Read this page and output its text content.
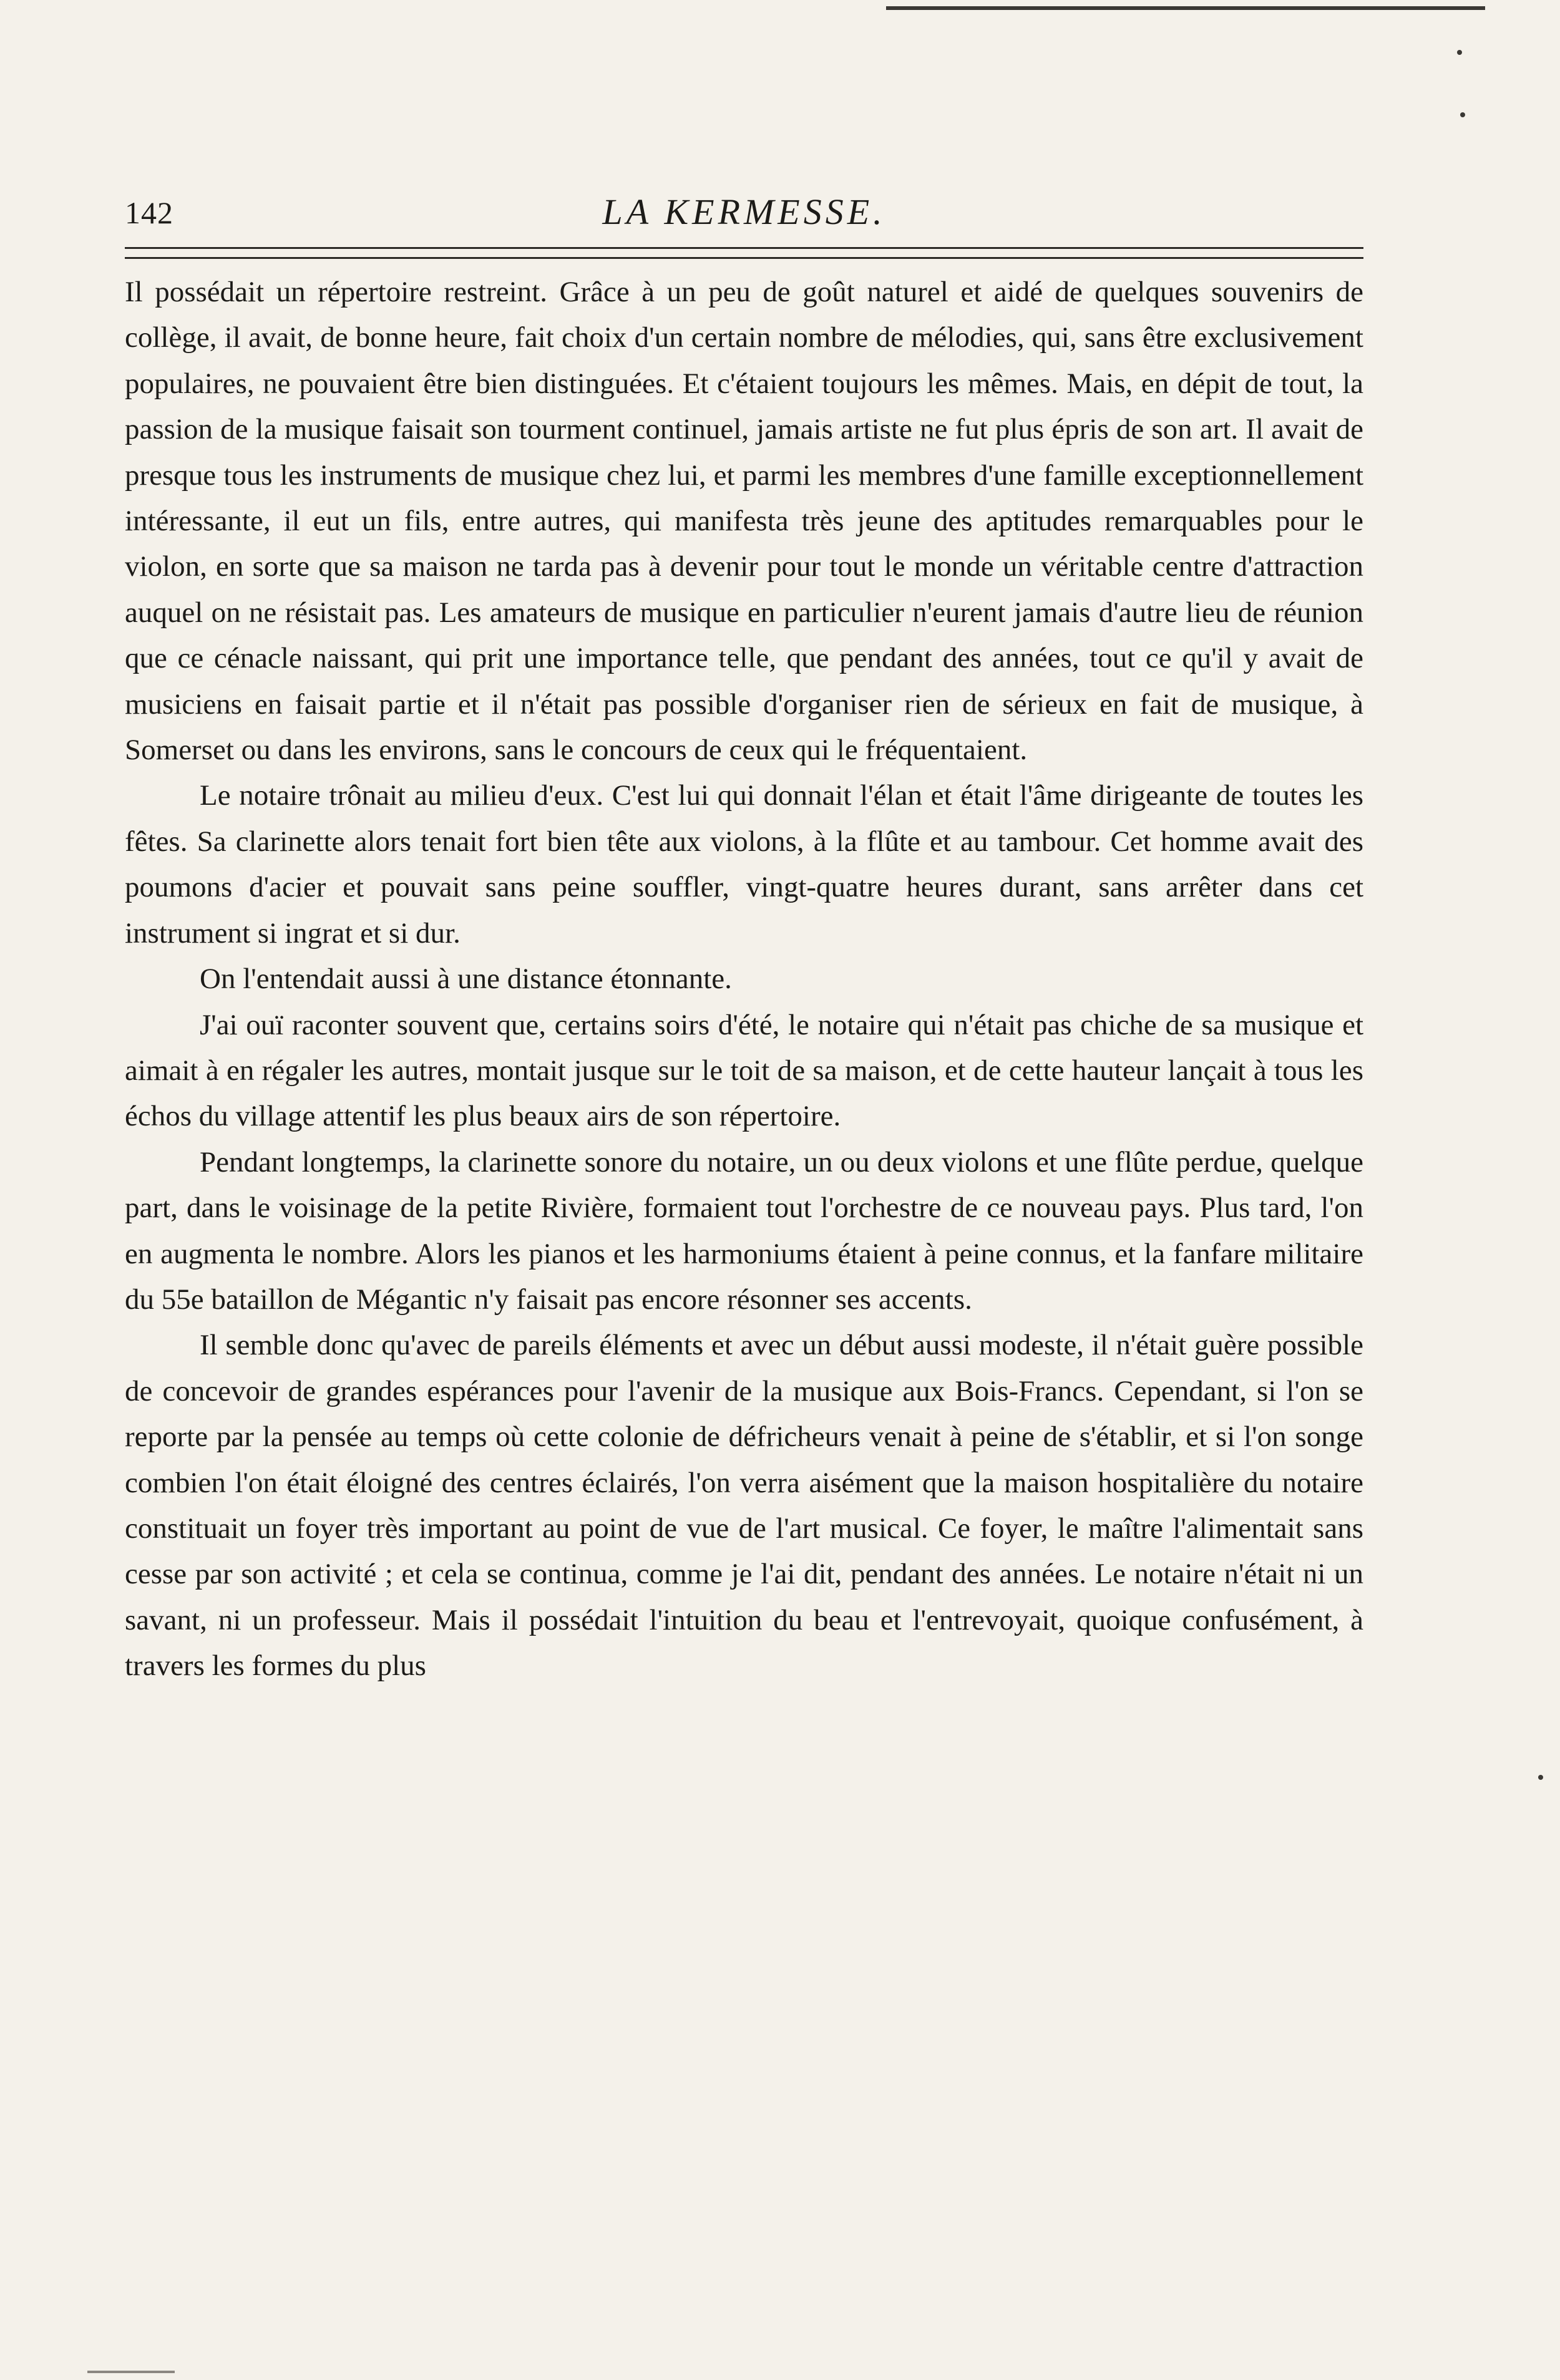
142	LA KERMESSE.

Il possédait un répertoire restreint. Grâce à un peu de goût naturel et aidé de quelques souvenirs de collège, il avait, de bonne heure, fait choix d'un certain nombre de mélodies, qui, sans être exclusivement populaires, ne pouvaient être bien distinguées. Et c'étaient toujours les mêmes. Mais, en dépit de tout, la passion de la musique faisait son tourment continuel, jamais artiste ne fut plus épris de son art. Il avait de presque tous les instruments de musique chez lui, et parmi les membres d'une famille exceptionnellement intéressante, il eut un fils, entre autres, qui manifesta très jeune des aptitudes remarquables pour le violon, en sorte que sa maison ne tarda pas à devenir pour tout le monde un véritable centre d'attraction auquel on ne résistait pas. Les amateurs de musique en particulier n'eurent jamais d'autre lieu de réunion que ce cénacle naissant, qui prit une importance telle, que pendant des années, tout ce qu'il y avait de musiciens en faisait partie et il n'était pas possible d'organiser rien de sérieux en fait de musique, à Somerset ou dans les environs, sans le concours de ceux qui le fréquentaient.

Le notaire trônait au milieu d'eux. C'est lui qui donnait l'élan et était l'âme dirigeante de toutes les fêtes. Sa clarinette alors tenait fort bien tête aux violons, à la flûte et au tambour. Cet homme avait des poumons d'acier et pouvait sans peine souffler, vingt-quatre heures durant, sans arrêter dans cet instrument si ingrat et si dur.

On l'entendait aussi à une distance étonnante.

J'ai ouï raconter souvent que, certains soirs d'été, le notaire qui n'était pas chiche de sa musique et aimait à en régaler les autres, montait jusque sur le toit de sa maison, et de cette hauteur lançait à tous les échos du village attentif les plus beaux airs de son répertoire.

Pendant longtemps, la clarinette sonore du notaire, un ou deux violons et une flûte perdue, quelque part, dans le voisinage de la petite Rivière, formaient tout l'orchestre de ce nouveau pays. Plus tard, l'on en augmenta le nombre. Alors les pianos et les harmoniums étaient à peine connus, et la fanfare militaire du 55e bataillon de Mégantic n'y faisait pas encore résonner ses accents.

Il semble donc qu'avec de pareils éléments et avec un début aussi modeste, il n'était guère possible de concevoir de grandes espérances pour l'avenir de la musique aux Bois-Francs. Cependant, si l'on se reporte par la pensée au temps où cette colonie de défricheurs venait à peine de s'établir, et si l'on songe combien l'on était éloigné des centres éclairés, l'on verra aisément que la maison hospitalière du notaire constituait un foyer très important au point de vue de l'art musical. Ce foyer, le maître l'alimentait sans cesse par son activité ; et cela se continua, comme je l'ai dit, pendant des années. Le notaire n'était ni un savant, ni un professeur. Mais il possédait l'intuition du beau et l'entrevoyait, quoique confusément, à travers les formes du plus
